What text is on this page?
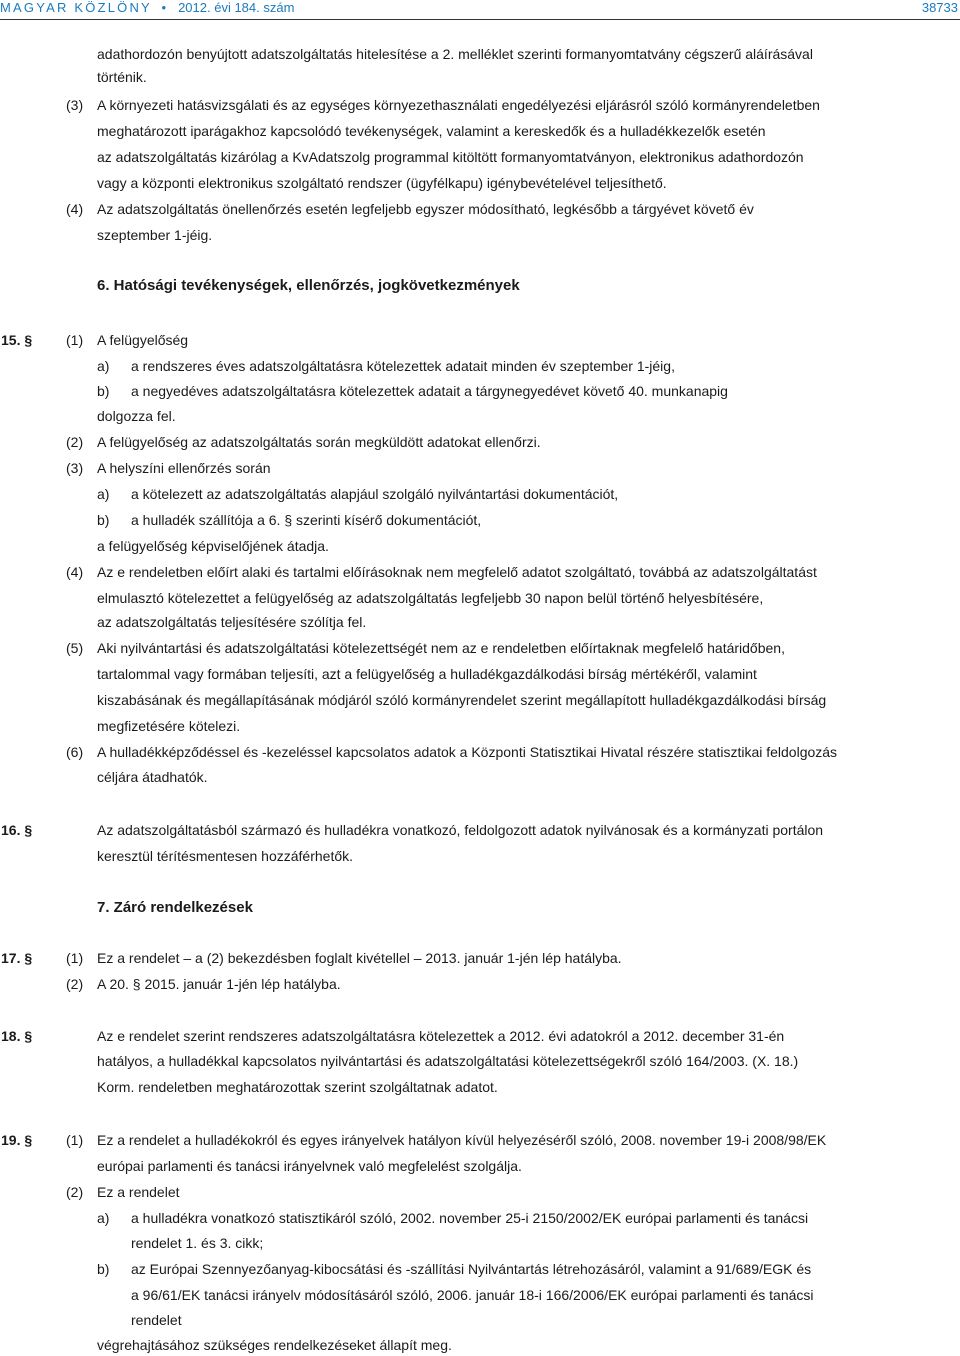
MAGYAR KÖZLÖNY • 2012. évi 184. szám	38733
adathordozón benyújtott adatszolgáltatás hitelesítése a 2. melléklet szerinti formanyomtatvány cégszerű aláírásával
történik.
(3) A környezeti hatásvizsgálati és az egységes környezethasználati engedélyezési eljárásról szóló kormányrendeletben
meghatározott iparágakhoz kapcsolódó tevékenységek, valamint a kereskedők és a hulladékkezelők esetén
az adatszolgáltatás kizárólag a KvAdatszolg programmal kitöltött formanyomtatványon, elektronikus adathordozón
vagy a központi elektronikus szolgáltató rendszer (ügyfélkapu) igénybevételével teljesíthető.
(4) Az adatszolgáltatás önellenőrzés esetén legfeljebb egyszer módosítható, legkésőbb a tárgyévet követő év
szeptember 1-jéig.
6. Hatósági tevékenységek, ellenőrzés, jogkövetkezmények
15. § (1) A felügyelőség
a) a rendszeres éves adatszolgáltatásra kötelezettek adatait minden év szeptember 1-jéig,
b) a negyedéves adatszolgáltatásra kötelezettek adatait a tárgynegyedévet követő 40. munkanapig
dolgozza fel.
(2) A felügyelőség az adatszolgáltatás során megküldött adatokat ellenőrzi.
(3) A helyszíni ellenőrzés során
a) a kötelezett az adatszolgáltatás alapjául szolgáló nyilvántartási dokumentációt,
b) a hulladék szállítója a 6. § szerinti kísérő dokumentációt,
a felügyelőség képviselőjének átadja.
(4) Az e rendeletben előírt alaki és tartalmi előírásoknak nem megfelelő adatot szolgáltató, továbbá az adatszolgáltatást
elmulasztó kötelezettet a felügyelőség az adatszolgáltatás legfeljebb 30 napon belül történő helyesbítésére,
az adatszolgáltatás teljesítésére szólítja fel.
(5) Aki nyilvántartási és adatszolgáltatási kötelezettségét nem az e rendeletben előírtaknak megfelelő határidőben,
tartalommal vagy formában teljesíti, azt a felügyelőség a hulladékgazdálkodási bírság mértékéről, valamint
kiszabásának és megállapításának módjáról szóló kormányrendelet szerint megállapított hulladékgazdálkodási bírság
megfizetésére kötelezi.
(6) A hulladékképződéssel és -kezeléssel kapcsolatos adatok a Központi Statisztikai Hivatal részére statisztikai feldolgozás
céljára átadhatók.
16. §	Az adatszolgáltatásból származó és hulladékra vonatkozó, feldolgozott adatok nyilvánosak és a kormányzati portálon
keresztül térítésmentesen hozzáférhetők.
7. Záró rendelkezések
17. § (1) Ez a rendelet – a (2) bekezdésben foglalt kivétellel – 2013. január 1-jén lép hatályba.
(2) A 20. § 2015. január 1-jén lép hatályba.
18. §	Az e rendelet szerint rendszeres adatszolgáltatásra kötelezettek a 2012. évi adatokról a 2012. december 31-én
hatályos, a hulladékkal kapcsolatos nyilvántartási és adatszolgáltatási kötelezettségekről szóló 164/2003. (X. 18.)
Korm. rendeletben meghatározottak szerint szolgáltatnak adatot.
19. § (1) Ez a rendelet a hulladékokról és egyes irányelvek hatályon kívül helyezéséről szóló, 2008. november 19-i 2008/98/EK
európai parlamenti és tanácsi irányelvnek való megfelelést szolgálja.
(2) Ez a rendelet
a) a hulladékra vonatkozó statisztikáról szóló, 2002. november 25-i 2150/2002/EK európai parlamenti és tanácsi
rendelet 1. és 3. cikk;
b) az Európai Szennyezőanyag-kibocsátási és -szállítási Nyilvántartás létrehozásáról, valamint a 91/689/EGK és
a 96/61/EK tanácsi irányelv módosításáról szóló, 2006. január 18-i 166/2006/EK európai parlamenti és tanácsi
rendelet
végrehajtásához szükséges rendelkezéseket állapít meg.
